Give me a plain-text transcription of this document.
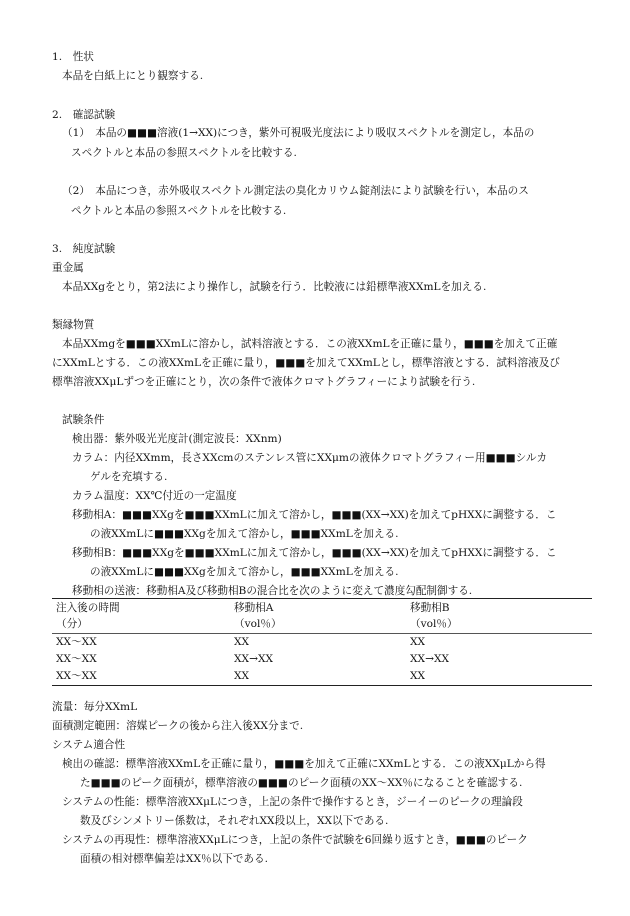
1.　性状
本品を白紙上にとり観察する.
2.　確認試験
（1）　本品の■■■溶液(1→XX)につき，紫外可視吸光度法により吸収スペクトルを測定し，本品の
スペクトルと本品の参照スペクトルを比較する.
（2）　本品につき，赤外吸収スペクトル測定法の臭化カリウム錠剤法により試験を行い，本品のス
ペクトルと本品の参照スペクトルを比較する.
3.　純度試験
重金属
本品XXgをとり，第2法により操作し，試験を行う．比較液には鉛標準液XXmLを加える.
類縁物質
本品XXmgを■■■XXmLに溶かし，試料溶液とする．この液XXmLを正確に量り，■■■を加えて正確
にXXmLとする．この液XXmLを正確に量り，■■■を加えてXXmLとし，標準溶液とする．試料溶液及び
標準溶液XXμLずつを正確にとり，次の条件で液体クロマトグラフィーにより試験を行う.
試験条件
検出器：紫外吸光光度計(測定波長：XXnm)
カラム：内径XXmm，長さXXcmのステンレス管にXXμmの液体クロマトグラフィー用■■■シルカ
ゲルを充填する.
カラム温度：XX℃付近の一定温度
移動相A：■■■XXgを■■■XXmLに加えて溶かし，■■■(XX→XX)を加えてpHXXに調整する．こ
の液XXmLに■■■XXgを加えて溶かし，■■■XXmLを加える.
移動相B：■■■XXgを■■■XXmLに加えて溶かし，■■■(XX→XX)を加えてpHXXに調整する．こ
の液XXmLに■■■XXgを加えて溶かし，■■■XXmLを加える.
移動相の送液：移動相A及び移動相Bの混合比を次のように変えて濃度勾配制御する.
注入後の時間	移動相A	移動相B
（分）	（vol％）	（vol％）
XX～XX	XX	XX
XX～XX	XX→XX	XX→XX
XX～XX	XX	XX
流量：毎分XXmL
面積測定範囲：溶媒ピークの後から注入後XX分まで.
システム適合性
検出の確認：標準溶液XXmLを正確に量り，■■■を加えて正確にXXmLとする．この液XXμLから得
た■■■のピーク面積が，標準溶液の■■■のピーク面積のXX～XX％になることを確認する.
システムの性能：標準溶液XXμLにつき，上記の条件で操作するとき，ジーイーのピークの理論段
数及びシンメトリー係数は，それぞれXX段以上，XX以下である.
システムの再現性：標準溶液XXμLにつき，上記の条件で試験を6回繰り返すとき，■■■のピーク
面積の相対標準偏差はXX％以下である.
